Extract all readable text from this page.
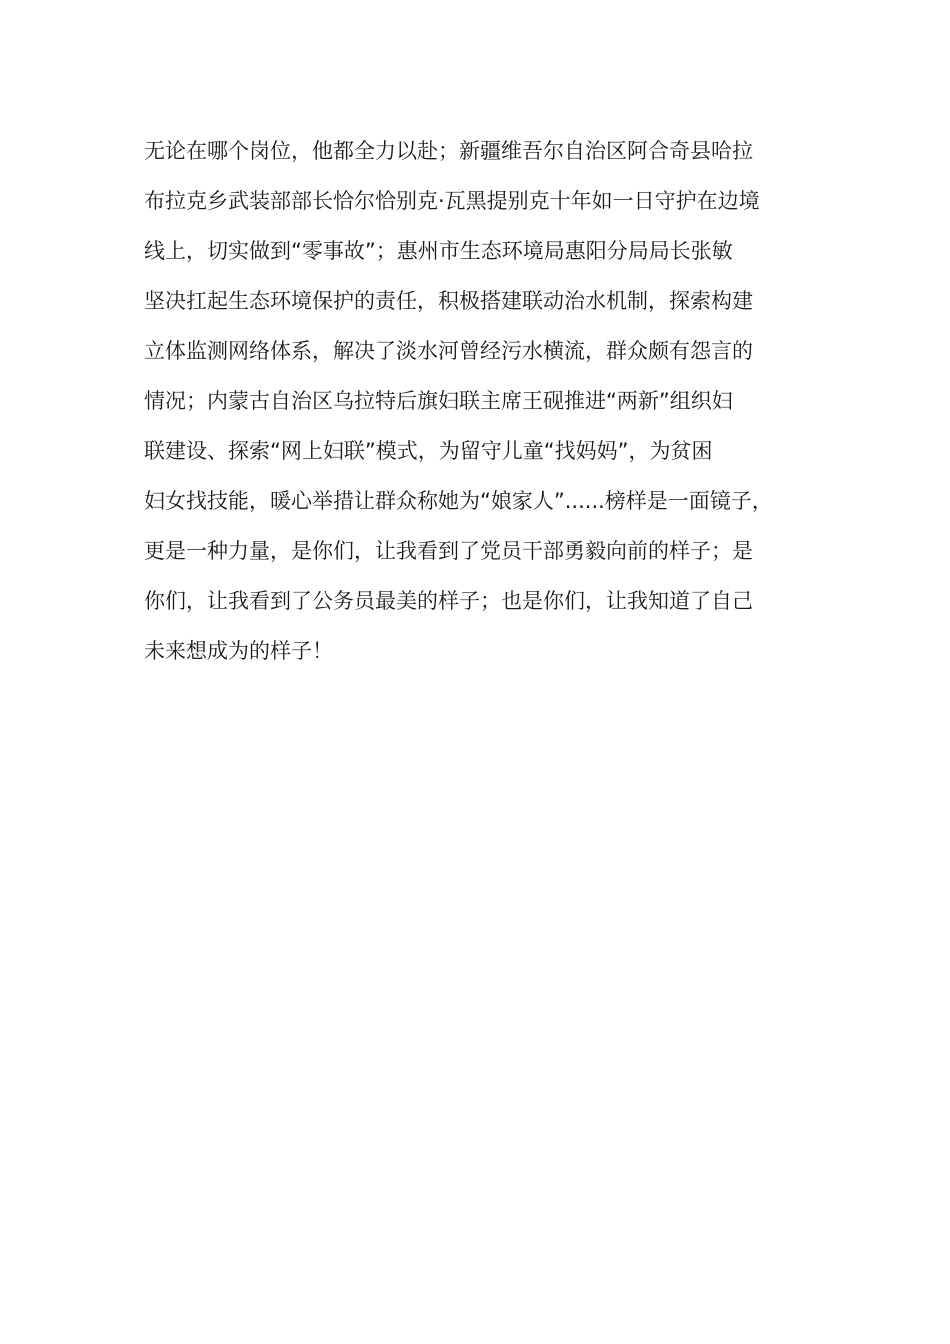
无论在哪个岗位，他都全力以赴；新疆维吾尔自治区阿合奇县哈拉
布拉克乡武装部部长恰尔恰别克·瓦黑提别克十年如一日守护在边境
线上，切实做到“零事故”；惠州市生态环境局惠阳分局局长张敏
坚决扛起生态环境保护的责任，积极搭建联动治水机制，探索构建
立体监测网络体系，解决了淡水河曾经污水横流，群众颇有怨言的
情况；内蒙古自治区乌拉特后旗妇联主席王砚推进“两新”组织妇
联建设、探索“网上妇联”模式，为留守儿童“找妈妈”，为贫困
妇女找技能，暖心举措让群众称她为“娘家人”......榜样是一面镜子，
更是一种力量，是你们，让我看到了党员干部勇毅向前的样子；是
你们，让我看到了公务员最美的样子；也是你们，让我知道了自己
未来想成为的样子！
